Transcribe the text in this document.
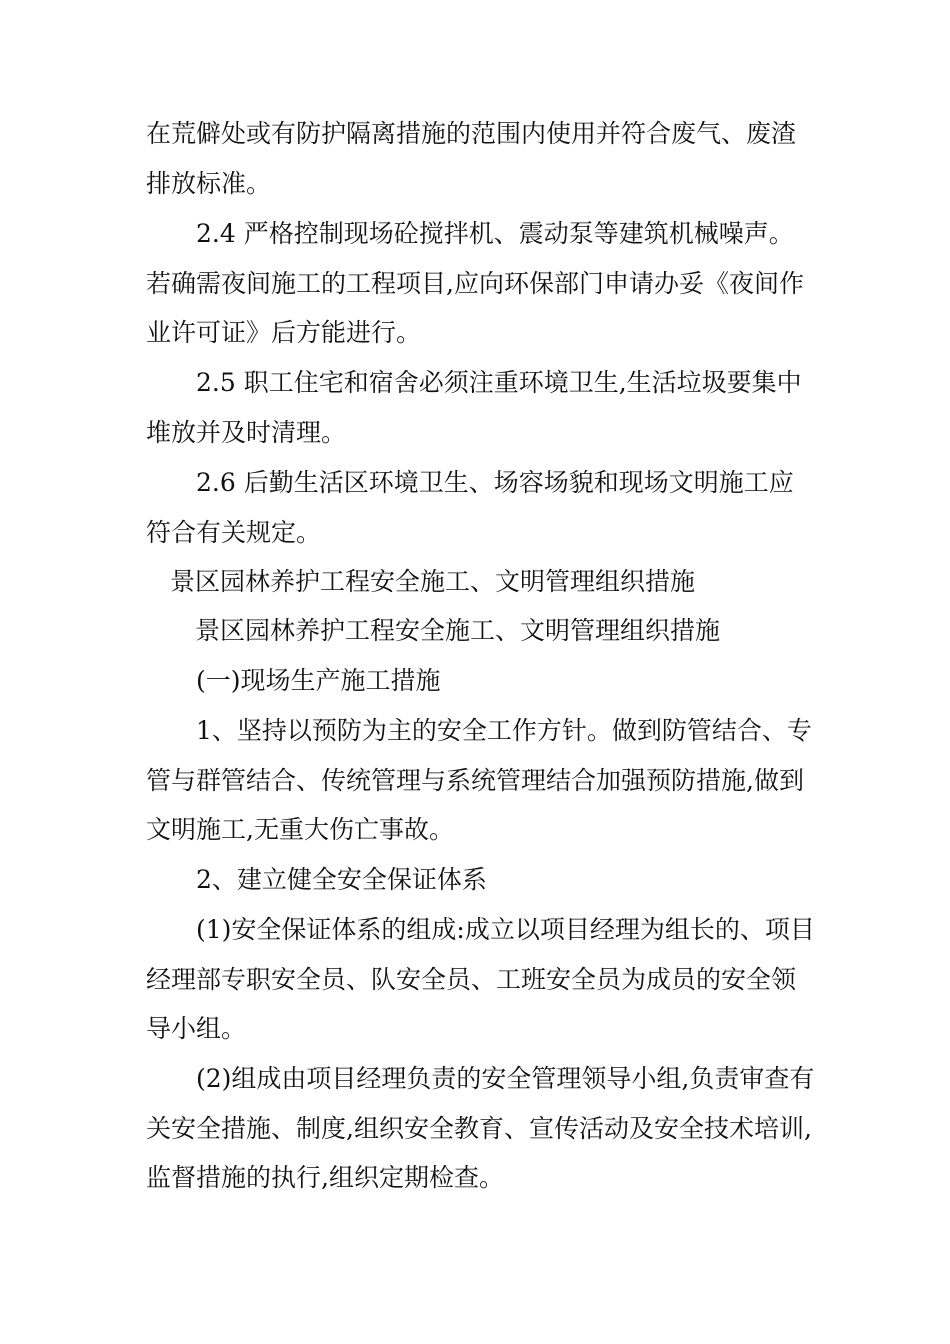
在荒僻处或有防护隔离措施的范围内使用并符合废气、废渣排放标准。

2.4 严格控制现场砼搅拌机、震动泵等建筑机械噪声。若确需夜间施工的工程项目,应向环保部门申请办妥《夜间作业许可证》后方能进行。

2.5 职工住宅和宿舍必须注重环境卫生,生活垃圾要集中堆放并及时清理。

2.6 后勤生活区环境卫生、场容场貌和现场文明施工应符合有关规定。

景区园林养护工程安全施工、文明管理组织措施

景区园林养护工程安全施工、文明管理组织措施

(一)现场生产施工措施

1、坚持以预防为主的安全工作方针。做到防管结合、专管与群管结合、传统管理与系统管理结合加强预防措施,做到文明施工,无重大伤亡事故。

2、建立健全安全保证体系

(1)安全保证体系的组成:成立以项目经理为组长的、项目经理部专职安全员、队安全员、工班安全员为成员的安全领导小组。

(2)组成由项目经理负责的安全管理领导小组,负责审查有关安全措施、制度,组织安全教育、宣传活动及安全技术培训,监督措施的执行,组织定期检查。
